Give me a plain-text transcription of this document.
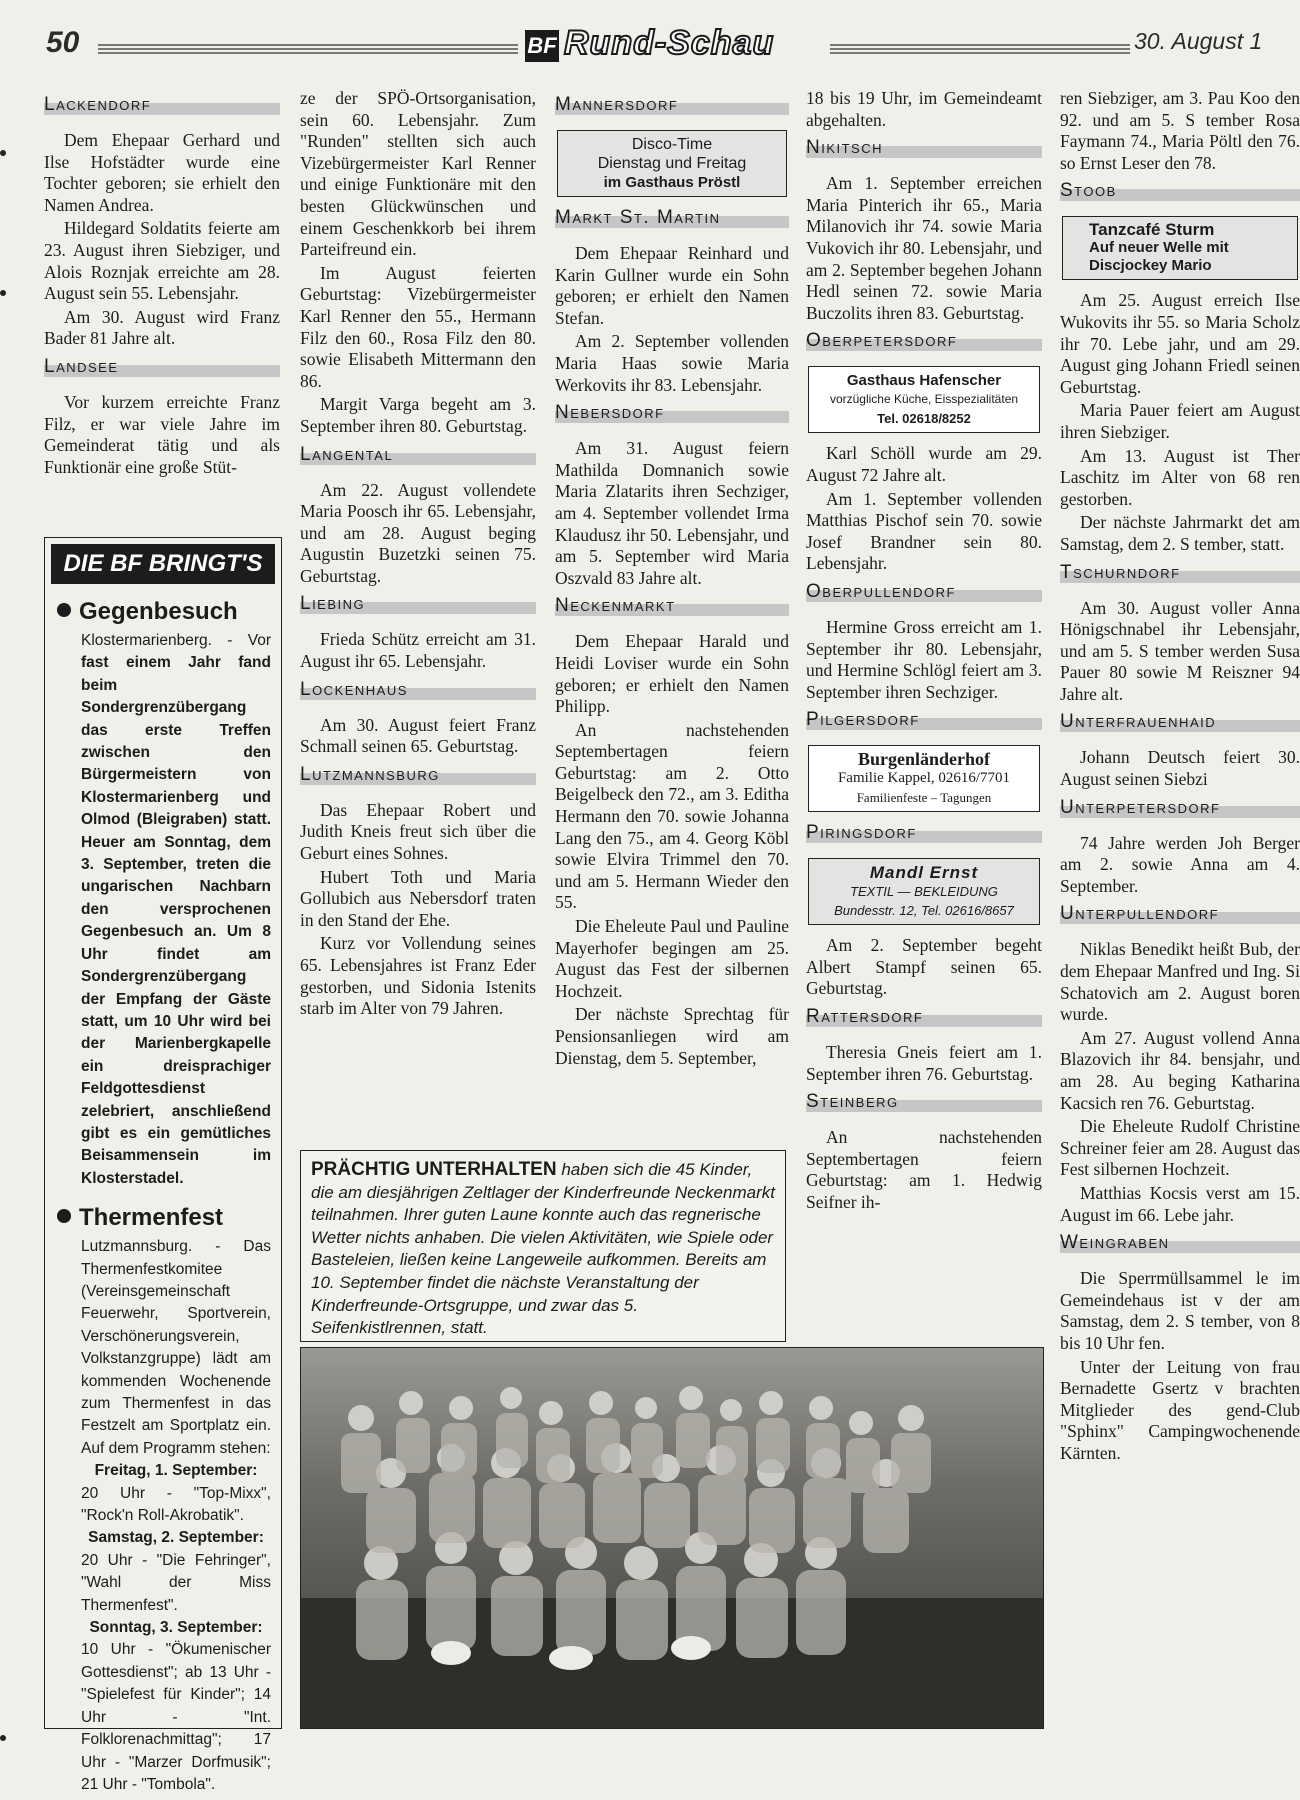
50	BF Rund-Schau	30. August 1
Lackendorf

Dem Ehepaar Gerhard und Ilse Hofstädter wurde eine Tochter geboren; sie erhielt den Namen Andrea.

Hildegard Soldatits feierte am 23. August ihren Siebziger, und Alois Roznjak erreichte am 28. August sein 55. Lebensjahr.

Am 30. August wird Franz Bader 81 Jahre alt.

Landsee

Vor kurzem erreichte Franz Filz, er war viele Jahre im Gemeinderat tätig und als Funktionär eine große Stüt-

DIE BF BRINGT'S
Gegenbesuch
Klostermarienberg. - Vor fast einem Jahr fand beim Sondergrenzübergang das erste Treffen zwischen den Bürgermeistern von Klostermarienberg und Olmod (Bleigraben) statt. Heuer am Sonntag, dem 3. September, treten die ungarischen Nachbarn den versprochenen Gegenbesuch an. Um 8 Uhr findet am Sondergrenzübergang der Empfang der Gäste statt, um 10 Uhr wird bei der Marienbergkapelle ein dreisprachiger Feldgottesdienst zelebriert, anschließend gibt es ein gemütliches Beisammensein im Klosterstadel.
Thermenfest
Lutzmannsburg. - Das Thermenfestkomitee (Vereinsgemeinschaft Feuerwehr, Sportverein, Verschönerungsverein, Volkstanzgruppe) lädt am kommenden Wochenende zum Thermenfest in das Festzelt am Sportplatz ein. Auf dem Programm stehen:
Freitag, 1. September:
20 Uhr - "Top-Mixx", "Rock'n Roll-Akrobatik".
Samstag, 2. September:
20 Uhr - "Die Fehringer", "Wahl der Miss Thermenfest".
Sonntag, 3. September:
10 Uhr - "Ökumenischer Gottesdienst"; ab 13 Uhr - "Spielefest für Kinder"; 14 Uhr - "Int. Folklorenachmittag"; 17 Uhr - "Marzer Dorfmusik"; 21 Uhr - "Tombola".

ze der SPÖ-Ortsorganisation, sein 60. Lebensjahr. Zum "Runden" stellten sich auch Vizebürgermeister Karl Renner und einige Funktionäre mit den besten Glückwünschen und einem Geschenkkorb bei ihrem Parteifreund ein.

Im August feierten Geburtstag: Vizebürgermeister Karl Renner den 55., Hermann Filz den 60., Rosa Filz den 80. sowie Elisabeth Mittermann den 86.

Margit Varga begeht am 3. September ihren 80. Geburtstag.

Langental

Am 22. August vollendete Maria Poosch ihr 65. Lebensjahr, und am 28. August beging Augustin Buzetzki seinen 75. Geburtstag.

Liebing

Frieda Schütz erreicht am 31. August ihr 65. Lebensjahr.

Lockenhaus

Am 30. August feiert Franz Schmall seinen 65. Geburtstag.

Lutzmannsburg

Das Ehepaar Robert und Judith Kneis freut sich über die Geburt eines Sohnes.

Hubert Toth und Maria Gollubich aus Nebersdorf traten in den Stand der Ehe.

Kurz vor Vollendung seines 65. Lebensjahres ist Franz Eder gestorben, und Sidonia Istenits starb im Alter von 79 Jahren.

Mannersdorf
Disco-Time
Dienstag und Freitag
im Gasthaus Pröstl
Markt St. Martin

Dem Ehepaar Reinhard und Karin Gullner wurde ein Sohn geboren; er erhielt den Namen Stefan.

Am 2. September vollenden Maria Haas sowie Maria Werkovits ihr 83. Lebensjahr.

Nebersdorf

Am 31. August feiern Mathilda Domnanich sowie Maria Zlatarits ihren Sechziger, am 4. September vollendet Irma Klaudusz ihr 50. Lebensjahr, und am 5. September wird Maria Oszvald 83 Jahre alt.

Neckenmarkt

Dem Ehepaar Harald und Heidi Loviser wurde ein Sohn geboren; er erhielt den Namen Philipp.

An nachstehenden Septembertagen feiern Geburtstag: am 2. Otto Beigelbeck den 72., am 3. Editha Hermann den 70. sowie Johanna Lang den 75., am 4. Georg Köbl sowie Elvira Trimmel den 70. und am 5. Hermann Wieder den 55.

Die Eheleute Paul und Pauline Mayerhofer begingen am 25. August das Fest der silbernen Hochzeit.

Der nächste Sprechtag für Pensionsanliegen wird am Dienstag, dem 5. September,

PRÄCHTIG UNTERHALTEN haben sich die 45 Kinder, die am diesjährigen Zeltlager der Kinderfreunde Neckenmarkt teilnahmen. Ihrer guten Laune konnte auch das regnerische Wetter nichts anhaben. Die vielen Aktivitäten, wie Spiele oder Basteleien, ließen keine Langeweile aufkommen. Bereits am 10. September findet die nächste Veranstaltung der Kinderfreunde-Ortsgruppe, und zwar das 5. Seifenkistlrennen, statt.

18 bis 19 Uhr, im Gemeindeamt abgehalten.

Nikitsch

Am 1. September erreichen Maria Pinterich ihr 65., Maria Milanovich ihr 74. sowie Maria Vukovich ihr 80. Lebensjahr, und am 2. September begehen Johann Hedl seinen 72. sowie Maria Buczolits ihren 83. Geburtstag.

Oberpetersdorf
Gasthaus Hafenscher
vorzügliche Küche, Eisspezialitäten
Tel. 02618/8252

Karl Schöll wurde am 29. August 72 Jahre alt.

Am 1. September vollenden Matthias Pischof sein 70. sowie Josef Brandner sein 80. Lebensjahr.

Oberpullendorf

Hermine Gross erreicht am 1. September ihr 80. Lebensjahr, und Hermine Schlögl feiert am 3. September ihren Sechziger.

Pilgersdorf
Burgenländerhof
Familie Kappel, 02616/7701
Familienfeste – Tagungen
Piringsdorf
Mandl Ernst
TEXTIL — BEKLEIDUNG
Bundesstr. 12, Tel. 02616/8657

Am 2. September begeht Albert Stampf seinen 65. Geburtstag.

Rattersdorf

Theresia Gneis feiert am 1. September ihren 76. Geburtstag.

Steinberg

An nachstehenden Septembertagen feiern Geburtstag: am 1. Hedwig Seifner ih-

ren Siebziger, am 3. Pau Koo den 92. und am 5. S tember Rosa Faymann 74., Maria Pöltl den 76. so Ernst Leser den 78.

Stoob
Tanzcafé Sturm
Auf neuer Welle mit
Discjockey Mario

Am 25. August erreich Ilse Wukovits ihr 55. so Maria Scholz ihr 70. Lebe jahr, und am 29. August ging Johann Friedl seinen Geburtstag.

Maria Pauer feiert am August ihren Siebziger.

Am 13. August ist Ther Laschitz im Alter von 68 ren gestorben.

Der nächste Jahrmarkt det am Samstag, dem 2. S tember, statt.

Tschurndorf

Am 30. August voller Anna Hönigschnabel ihr Lebensjahr, und am 5. S tember werden Susa Pauer 80 sowie M Reiszner 94 Jahre alt.

Unterfrauenhaid

Johann Deutsch feiert 30. August seinen Siebzi

Unterpetersdorf

74 Jahre werden Joh Berger am 2. sowie Anna am 4. September.

Unterpullendorf

Niklas Benedikt heißt Bub, der dem Ehepaar Manfred und Ing. Si Schatovich am 2. August boren wurde.

Am 27. August vollend Anna Blazovich ihr 84. bensjahr, und am 28. Au beging Katharina Kacsich ren 76. Geburtstag.

Die Eheleute Rudolf Christine Schreiner feier am 28. August das Fest silbernen Hochzeit.

Matthias Kocsis verst am 15. August im 66. Lebe jahr.

Weingraben

Die Sperrmüllsammel le im Gemeindehaus ist v der am Samstag, dem 2. S tember, von 8 bis 10 Uhr fen.

Unter der Leitung von frau Bernadette Gsertz v brachten Mitglieder des gend-Club "Sphinx" Campingwochenende Kärnten.
